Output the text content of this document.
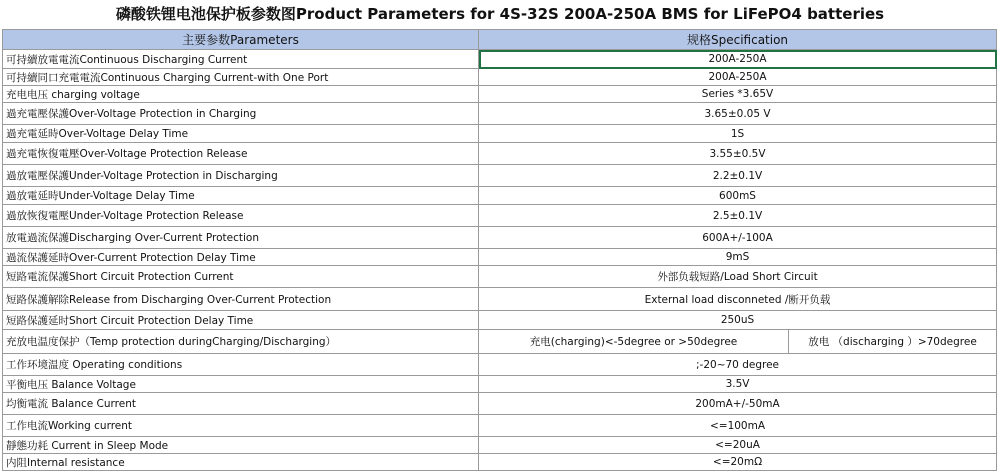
磷酸铁锂电池保护板参数图Product Parameters for 4S-32S 200A-250A BMS for LiFePO4 batteries
主要参数Parameters	规格Specification	
可持續放電電流Continuous Discharging Current	200A-250A	
可持續同口充電電流Continuous Charging Current-with One Port	200A-250A	
充电电压 charging voltage	Series *3.65V	
過充電壓保護Over-Voltage Protection in Charging	3.65±0.05 V	
過充電延時Over-Voltage Delay Time	1S	
過充電恢復電壓Over-Voltage Protection Release	3.55±0.5V	
過放電壓保護Under-Voltage Protection in Discharging	2.2±0.1V	
過放電延時Under-Voltage Delay Time	600mS	
過放恢復電壓Under-Voltage Protection Release	2.5±0.1V	
放電過流保護Discharging Over-Current Protection	600A+/-100A	
過流保護延時Over-Current Protection Delay Time	9mS	
短路電流保護Short Circuit Protection Current	外部负载短路/Load Short Circuit	
短路保護解除Release from Discharging Over-Current Protection	External load disconneted /断开负载	
短路保護延时Short Circuit Protection Delay Time	250uS	
充放电温度保护（Temp protection duringCharging/Discharging）	充电(charging)<-5degree or >50degree	放电 （discharging ）>70degree
工作环境温度 Operating conditions	;-20~70 degree	
平衡电压 Balance Voltage	3.5V	
均衡電流 Balance Current	200mA+/-50mA	
工作电流Working current	<=100mA	
靜態功耗 Current in Sleep Mode	<=20uA	
内阻Internal resistance	<=20mΩ	
